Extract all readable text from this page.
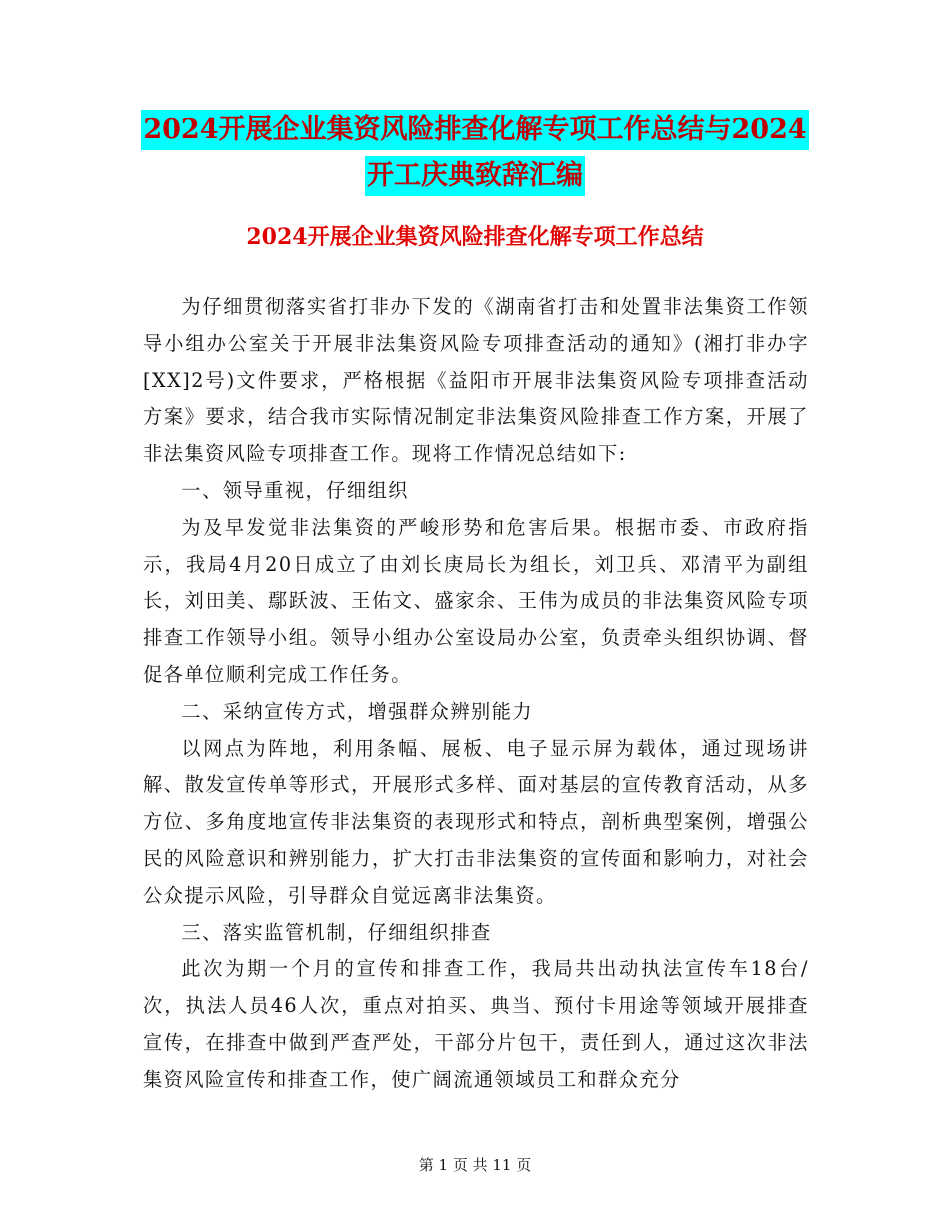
2024开展企业集资风险排查化解专项工作总结与2024
开工庆典致辞汇编
2024开展企业集资风险排查化解专项工作总结

为仔细贯彻落实省打非办下发的《湖南省打击和处置非法集资工作领导小组办公室关于开展非法集资风险专项排查活动的通知》(湘打非办字[XX]2号)文件要求，严格根据《益阳市开展非法集资风险专项排查活动方案》要求，结合我市实际情况制定非法集资风险排查工作方案，开展了非法集资风险专项排查工作。现将工作情况总结如下:

一、领导重视，仔细组织

为及早发觉非法集资的严峻形势和危害后果。根据市委、市政府指示，我局4月20日成立了由刘长庚局长为组长，刘卫兵、邓清平为副组长，刘田美、鄢跃波、王佑文、盛家余、王伟为成员的非法集资风险专项排查工作领导小组。领导小组办公室设局办公室，负责牵头组织协调、督促各单位顺利完成工作任务。

二、采纳宣传方式，增强群众辨别能力

以网点为阵地，利用条幅、展板、电子显示屏为载体，通过现场讲解、散发宣传单等形式，开展形式多样、面对基层的宣传教育活动，从多方位、多角度地宣传非法集资的表现形式和特点，剖析典型案例，增强公民的风险意识和辨别能力，扩大打击非法集资的宣传面和影响力，对社会公众提示风险，引导群众自觉远离非法集资。

三、落实监管机制，仔细组织排查

此次为期一个月的宣传和排查工作，我局共出动执法宣传车18台/次，执法人员46人次，重点对拍买、典当、预付卡用途等领域开展排查宣传，在排查中做到严查严处，干部分片包干，责任到人，通过这次非法集资风险宣传和排查工作，使广阔流通领域员工和群众充分

第 1 页 共 11 页
